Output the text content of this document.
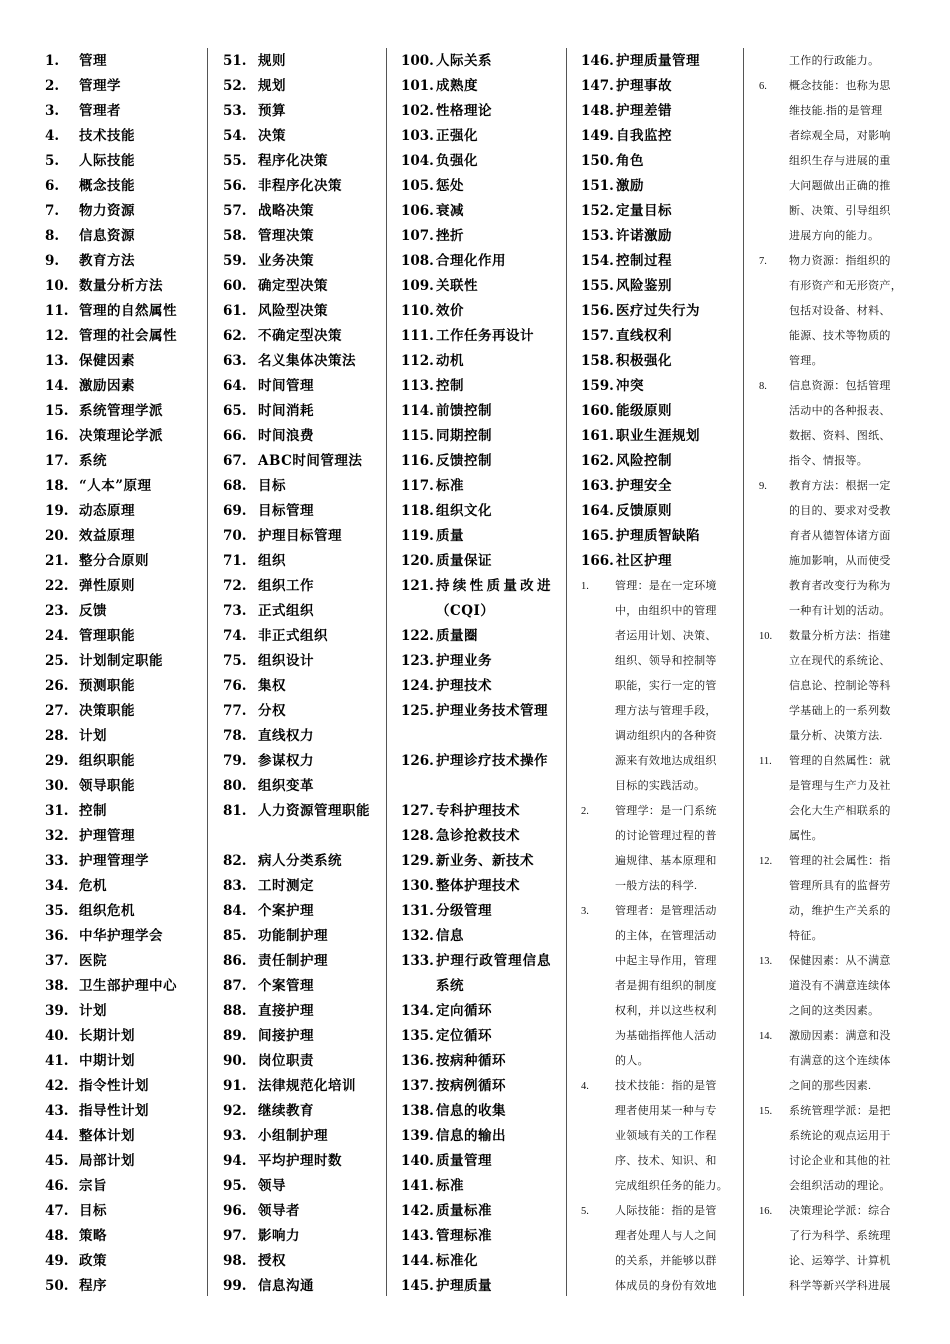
1. 管理
2. 管理学
3. 管理者
4. 技术技能
5. 人际技能
6. 概念技能
7. 物力资源
8. 信息资源
9. 教育方法
10. 数量分析方法
11. 管理的自然属性
12. 管理的社会属性
13. 保健因素
14. 激励因素
15. 系统管理学派
16. 决策理论学派
17. 系统
18. “人本”原理
19. 动态原理
20. 效益原理
21. 整分合原则
22. 弹性原则
23. 反馈
24. 管理职能
25. 计划制定职能
26. 预测职能
27. 决策职能
28. 计划
29. 组织职能
30. 领导职能
31. 控制
32. 护理管理
33. 护理管理学
34. 危机
35. 组织危机
36. 中华护理学会
37. 医院
38. 卫生部护理中心
39. 计划
40. 长期计划
41. 中期计划
42. 指令性计划
43. 指导性计划
44. 整体计划
45. 局部计划
46. 宗旨
47. 目标
48. 策略
49. 政策
50. 程序
51. 规则
52. 规划
53. 预算
54. 决策
55. 程序化决策
56. 非程序化决策
57. 战略决策
58. 管理决策
59. 业务决策
60. 确定型决策
61. 风险型决策
62. 不确定型决策
63. 名义集体决策法
64. 时间管理
65. 时间消耗
66. 时间浪费
67. ABC时间管理法
68. 目标
69. 目标管理
70. 护理目标管理
71. 组织
72. 组织工作
73. 正式组织
74. 非正式组织
75. 组织设计
76. 集权
77. 分权
78. 直线权力
79. 参谋权力
80. 组织变革
81. 人力资源管理职能
82. 病人分类系统
83. 工时测定
84. 个案护理
85. 功能制护理
86. 责任制护理
87. 个案管理
88. 直接护理
89. 间接护理
90. 岗位职责
91. 法律规范化培训
92. 继续教育
93. 小组制护理
94. 平均护理时数
95. 领导
96. 领导者
97. 影响力
98. 授权
99. 信息沟通
100. 人际关系
101. 成熟度
102. 性格理论
103. 正强化
104. 负强化
105. 惩处
106. 衰减
107. 挫折
108. 合理化作用
109. 关联性
110. 效价
111. 工作任务再设计
112. 动机
113. 控制
114. 前馈控制
115. 同期控制
116. 反馈控制
117. 标准
118. 组织文化
119. 质量
120. 质量保证
121. 持续性质量改进（CQI）
122. 质量圈
123. 护理业务
124. 护理技术
125. 护理业务技术管理
126. 护理诊疗技术操作
127. 专科护理技术
128. 急诊抢救技术
129. 新业务、新技术
130. 整体护理技术
131. 分级管理
132. 信息
133. 护理行政管理信息系统
134. 定向循环
135. 定位循环
136. 按病种循环
137. 按病例循环
138. 信息的收集
139. 信息的输出
140. 质量管理
141. 标准
142. 质量标准
143. 管理标准
144. 标准化
145. 护理质量
146. 护理质量管理
147. 护理事故
148. 护理差错
149. 自我监控
150. 角色
151. 激励
152. 定量目标
153. 许诺激励
154. 控制过程
155. 风险鉴别
156. 医疗过失行为
157. 直线权利
158. 积极强化
159. 冲突
160. 能级原则
161. 职业生涯规划
162. 风险控制
163. 护理安全
164. 反馈原则
165. 护理质智缺陷
166. 社区护理
1. 管理：是在一定环境
中，由组织中的管理
者运用计划、决策、
组织、领导和控制等
职能，实行一定的管
理方法与管理手段，
调动组织内的各种资
源来有效地达成组织
目标的实践活动。
2. 管理学：是一门系统
的讨论管理过程的普
遍规律、基本原理和
一般方法的科学.
3. 管理者：是管理活动
的主体，在管理活动
中起主导作用，管理
者是拥有组织的制度
权利，并以这些权利
为基础指挥他人活动
的人。
4. 技术技能：指的是管
理者使用某一种与专
业领域有关的工作程
序、技术、知识、和
完成组织任务的能力。
5. 人际技能：指的是管
理者处理人与人之间
的关系，并能够以群
体成员的身份有效地
工作的行政能力。
6. 概念技能：也称为思
维技能.指的是管理
者综观全局，对影响
组织生存与进展的重
大问题做出正确的推
断、决策、引导组织
进展方向的能力。
7. 物力资源：指组织的
有形资产和无形资产，
包括对设备、材料、
能源、技术等物质的
管理。
8. 信息资源：包括管理
活动中的各种报表、
数据、资料、图纸、
指令、情报等。
9. 教育方法：根据一定
的目的、要求对受教
育者从德智体诸方面
施加影响，从而使受
教育者改变行为称为
一种有计划的活动。
10. 数量分析方法：指建
立在现代的系统论、
信息论、控制论等科
学基础上的一系列数
量分析、决策方法.
11. 管理的自然属性：就
是管理与生产力及社
会化大生产相联系的
属性。
12. 管理的社会属性：指
管理所具有的监督劳
动，维护生产关系的
特征。
13. 保健因素：从不满意
道没有不满意连续体
之间的这类因素。
14. 激励因素：满意和没
有满意的这个连续体
之间的那些因素.
15. 系统管理学派：是把
系统论的观点运用于
讨论企业和其他的社
会组织活动的理论。
16. 决策理论学派：综合
了行为科学、系统理
论、运筹学、计算机
科学等新兴学科进展
